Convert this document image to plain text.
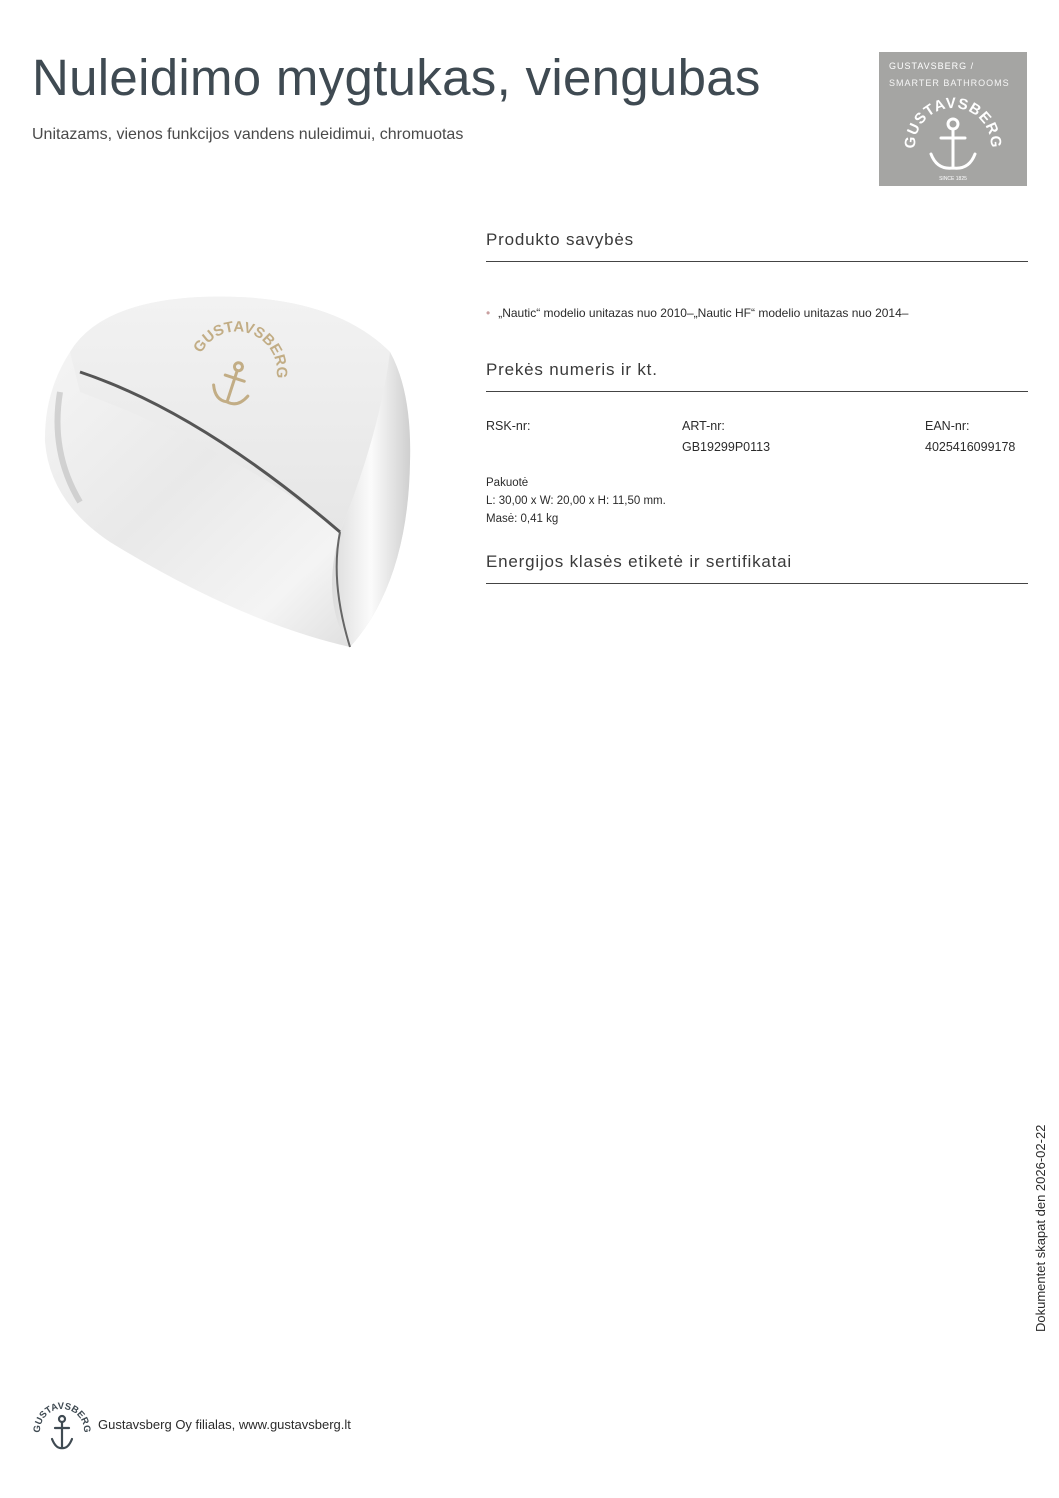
Nuleidimo mygtukas, viengubas
Unitazams, vienos funkcijos vandens nuleidimui, chromuotas
GUSTAVSBERG /
SMARTER BATHROOMS
GUSTAVSBERG
SINCE 1825
GUSTAVSBERG
Produkto savybės
• „Nautic“ modelio unitazas nuo 2010–„Nautic HF“ modelio unitazas nuo 2014–
Prekės numeris ir kt.
RSK-nr:	ART-nr:
GB19299P0113
EAN-nr:
4025416099178
Pakuotė
L: 30,00 x W: 20,00 x H: 11,50 mm.
Masė: 0,41 kg
Energijos klasės etiketė ir sertifikatai
Dokumentet skapat den 2026-02-22
GUSTAVSBERG Gustavsberg Oy filialas, www.gustavsberg.lt
